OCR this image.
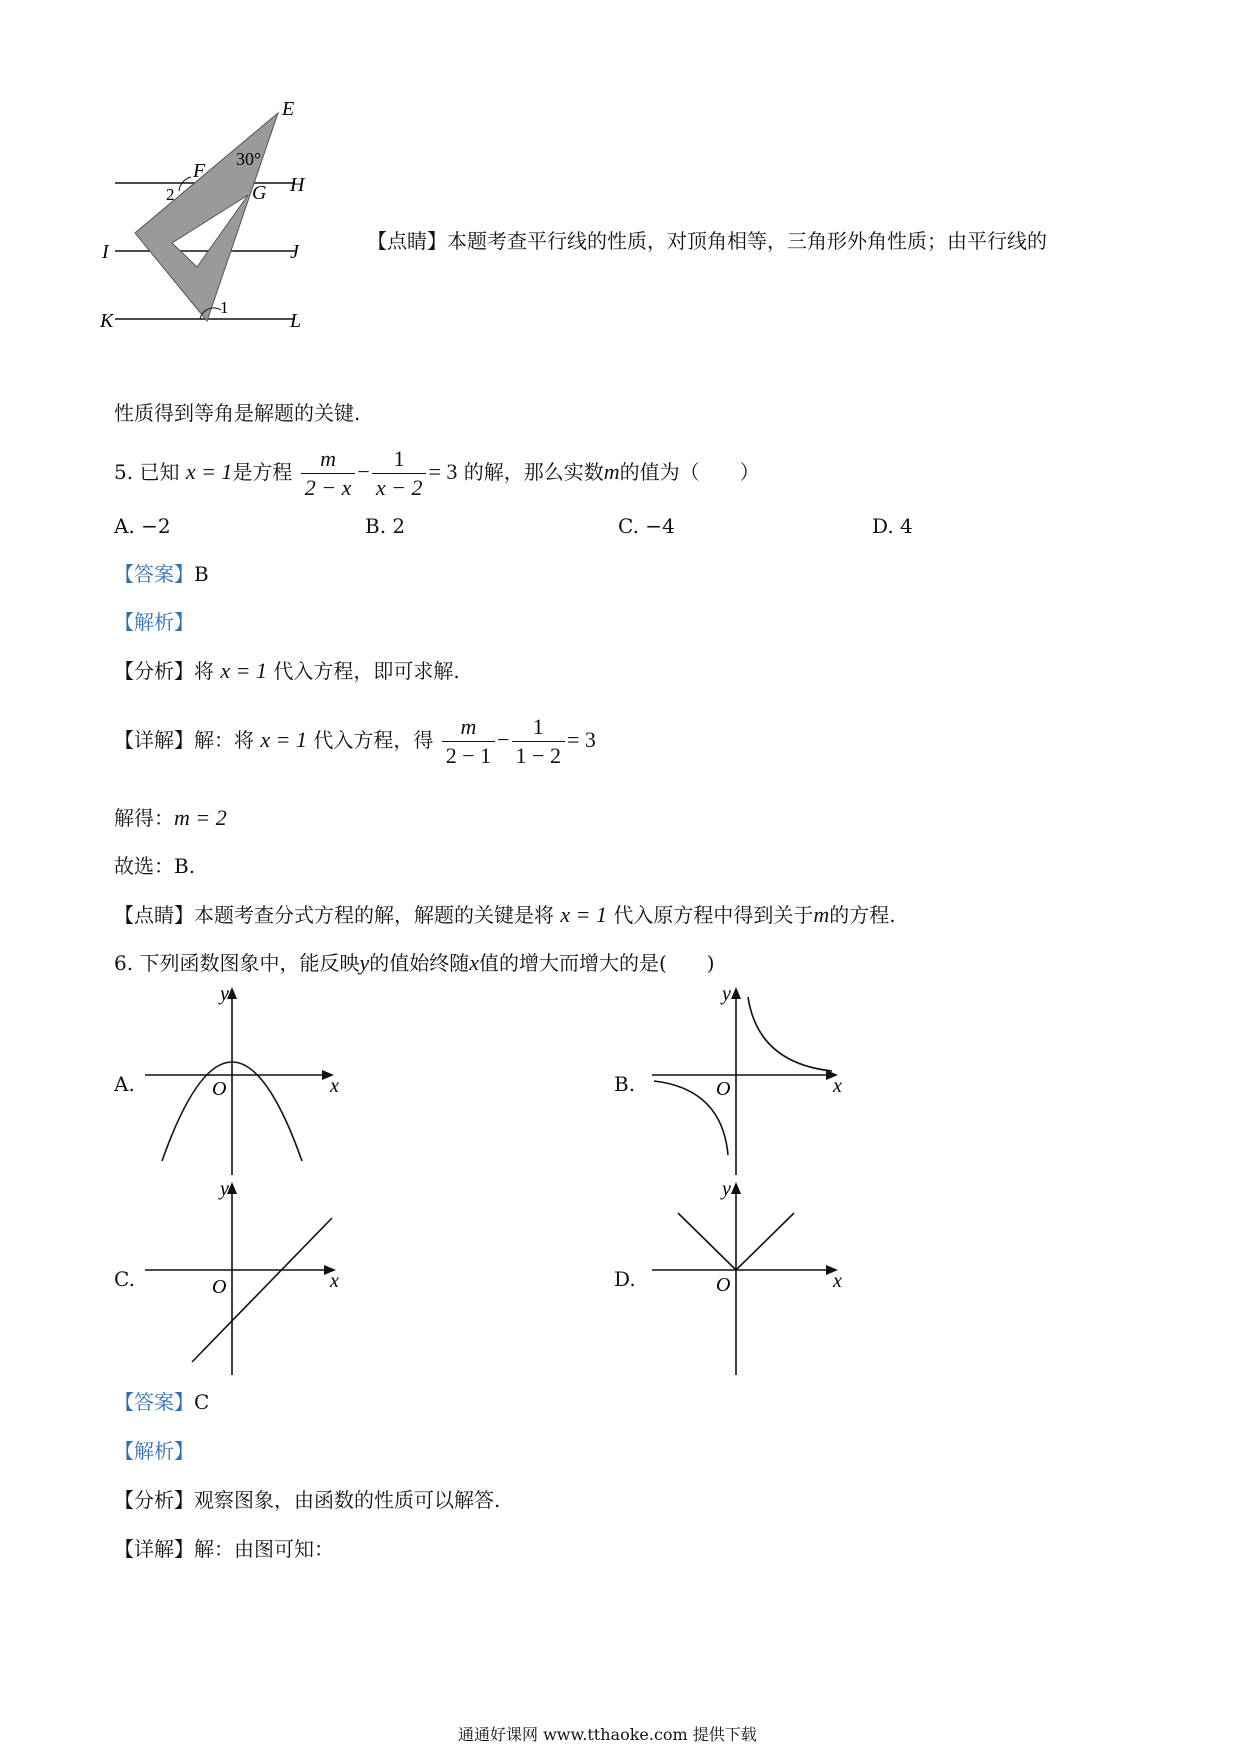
E
F
G H
I	J
K	L
30°
2
1
【点睛】本题考查平行线的性质，对顶角相等，三角形外角性质；由平行线的
性质得到等角是解题的关键.
5. 已知 x = 1是方程 $\frac{m}{2 - x} - \frac{1}{x - 2} = 3$ 的解，那么实数m的值为（　　）
A. −2	B. 2	C. −4	D. 4
【答案】B
【解析】
【分析】将 x = 1 代入方程，即可求解.
【详解】解：将 x = 1 代入方程，得 $\frac{m}{2 - 1} - \frac{1}{1 - 2} = 3$
解得：m = 2
故选：B.
【点睛】本题考查分式方程的解，解题的关键是将 x = 1 代入原方程中得到关于m的方程.
6. 下列函数图象中，能反映y的值始终随x值的增大而增大的是(　　)
A.
y
x
O	B.
y
x
O
C.
y
x
O	D.
y
x
O
【答案】C
【解析】
【分析】观察图象，由函数的性质可以解答.
【详解】解：由图可知：
通通好课网 www.tthaoke.com 提供下载
